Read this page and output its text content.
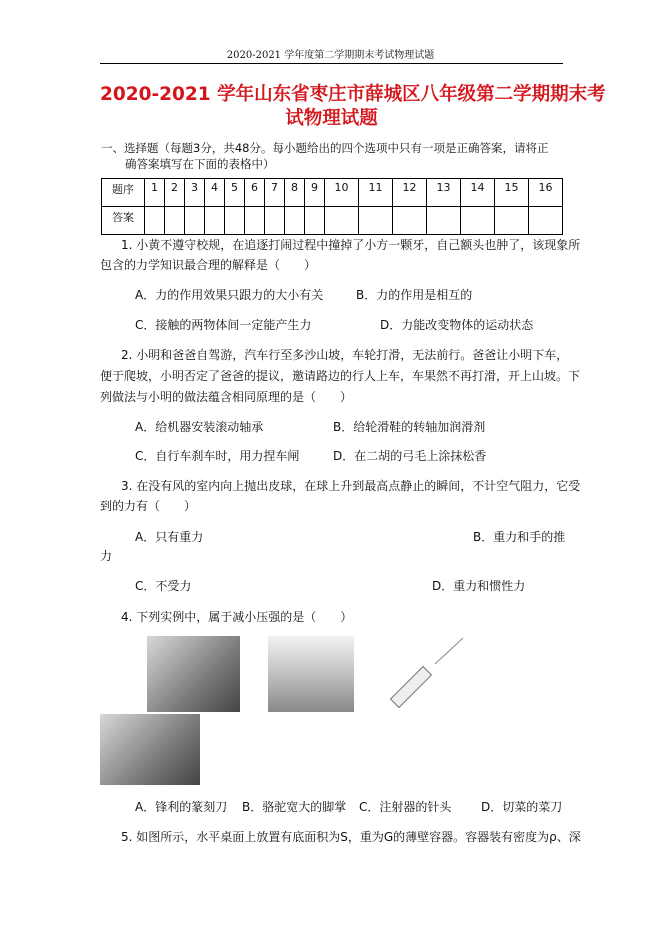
2020-2021 学年度第二学期期末考试物理试题
2020-2021 学年山东省枣庄市薛城区八年级第二学期期末考
试物理试题
一、选择题（每题3分，共48分。每小题给出的四个选项中只有一项是正确答案，请将正
确答案填写在下面的表格中）
题序	1	2	3	4	5	6	7	8	9	10	11	12	13	14	15	16
答案																
1. 小黄不遵守校规，在追逐打闹过程中撞掉了小方一颗牙，自己额头也肿了，该现象所
包含的力学知识最合理的解释是（　　）
A．力的作用效果只跟力的大小有关	B．力的作用是相互的
C．接触的两物体间一定能产生力	D．力能改变物体的运动状态
2. 小明和爸爸自驾游，汽车行至多沙山坡，车轮打滑，无法前行。爸爸让小明下车，
便于爬坡，小明否定了爸爸的提议，邀请路边的行人上车，车果然不再打滑，开上山坡。下
列做法与小明的做法蕴含相同原理的是（　　）
A．给机器安装滚动轴承	B．给轮滑鞋的转轴加润滑剂
C．自行车刹车时，用力捏车闸	D．在二胡的弓毛上涂抹松香
3. 在没有风的室内向上抛出皮球，在球上升到最高点静止的瞬间，不计空气阻力，它受
到的力有（　　）
A．只有重力	B．重力和手的推
力
C．不受力	D．重力和惯性力
4. 下列实例中，属于减小压强的是（　　）
A．锋利的篆刻刀 B．骆驼宽大的脚掌 C．注射器的针头 D．切菜的菜刀
5. 如图所示，水平桌面上放置有底面积为S，重为G的薄壁容器。容器装有密度为ρ、深
